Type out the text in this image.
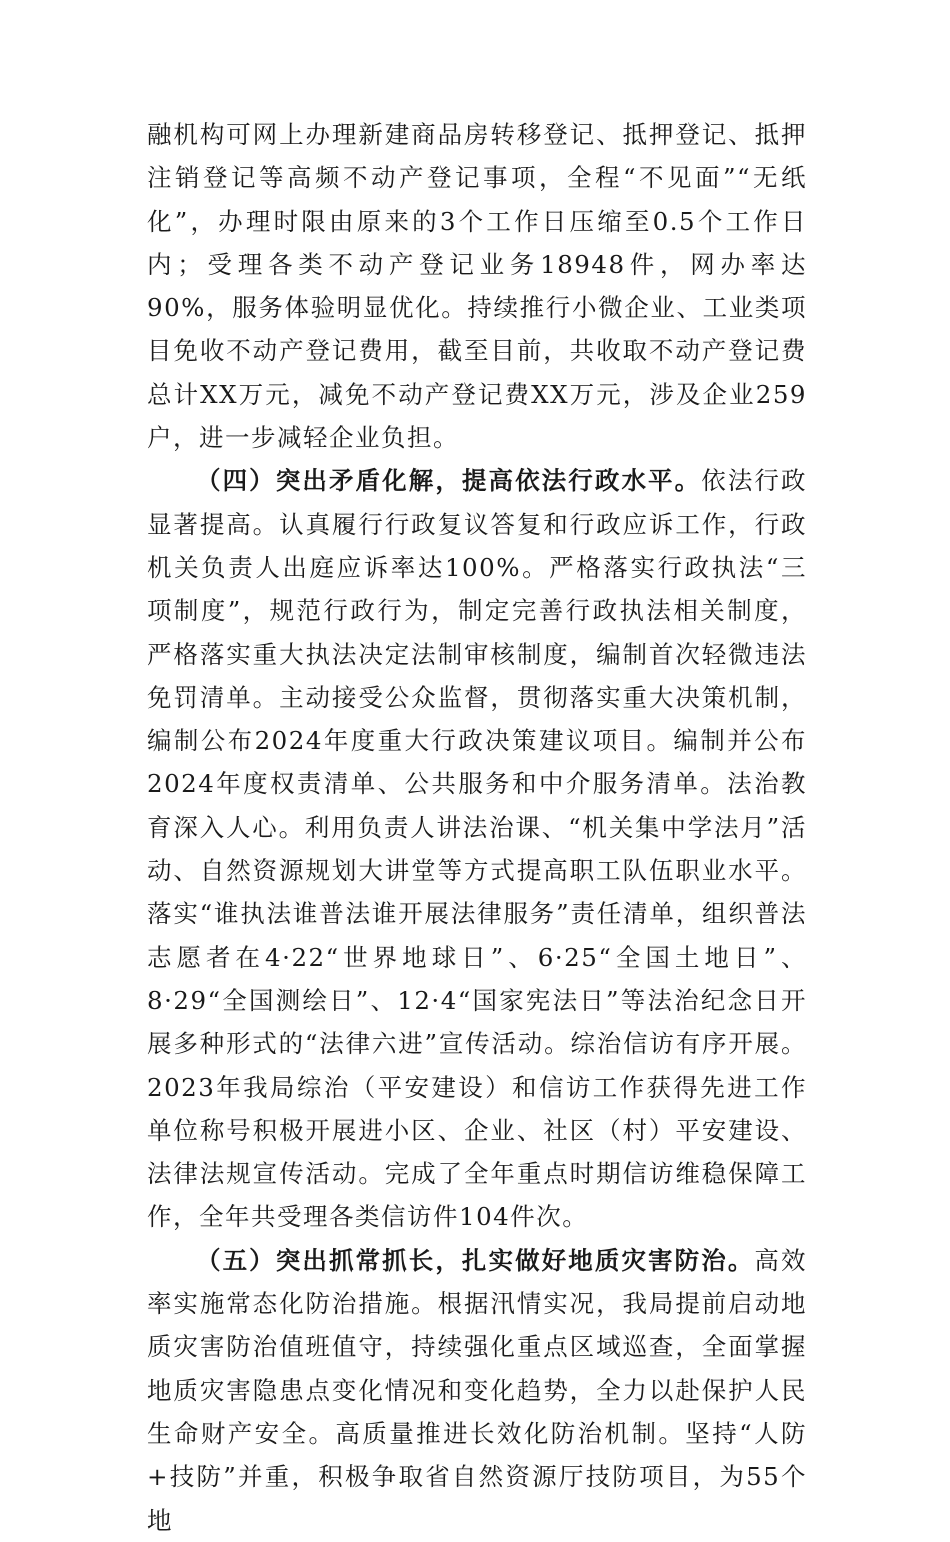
融机构可网上办理新建商品房转移登记、抵押登记、抵押注销登记等高频不动产登记事项，全程“不见面”“无纸化”，办理时限由原来的3个工作日压缩至0.5个工作日内；受理各类不动产登记业务18948件，网办率达90%，服务体验明显优化。持续推行小微企业、工业类项目免收不动产登记费用，截至目前，共收取不动产登记费总计XX万元，减免不动产登记费XX万元，涉及企业259户，进一步减轻企业负担。

（四）突出矛盾化解，提高依法行政水平。依法行政显著提高。认真履行行政复议答复和行政应诉工作，行政机关负责人出庭应诉率达100%。严格落实行政执法“三项制度”，规范行政行为，制定完善行政执法相关制度，严格落实重大执法决定法制审核制度，编制首次轻微违法免罚清单。主动接受公众监督，贯彻落实重大决策机制，编制公布2024年度重大行政决策建议项目。编制并公布2024年度权责清单、公共服务和中介服务清单。法治教育深入人心。利用负责人讲法治课、“机关集中学法月”活动、自然资源规划大讲堂等方式提高职工队伍职业水平。落实“谁执法谁普法谁开展法律服务”责任清单，组织普法志愿者在4·22“世界地球日”、6·25“全国土地日”、8·29“全国测绘日”、12·4“国家宪法日”等法治纪念日开展多种形式的“法律六进”宣传活动。综治信访有序开展。2023年我局综治（平安建设）和信访工作获得先进工作单位称号积极开展进小区、企业、社区（村）平安建设、法律法规宣传活动。完成了全年重点时期信访维稳保障工作，全年共受理各类信访件104件次。

（五）突出抓常抓长，扎实做好地质灾害防治。高效率实施常态化防治措施。根据汛情实况，我局提前启动地质灾害防治值班值守，持续强化重点区域巡查，全面掌握地质灾害隐患点变化情况和变化趋势，全力以赴保护人民生命财产安全。高质量推进长效化防治机制。坚持“人防+技防”并重，积极争取省自然资源厅技防项目，为55个地
